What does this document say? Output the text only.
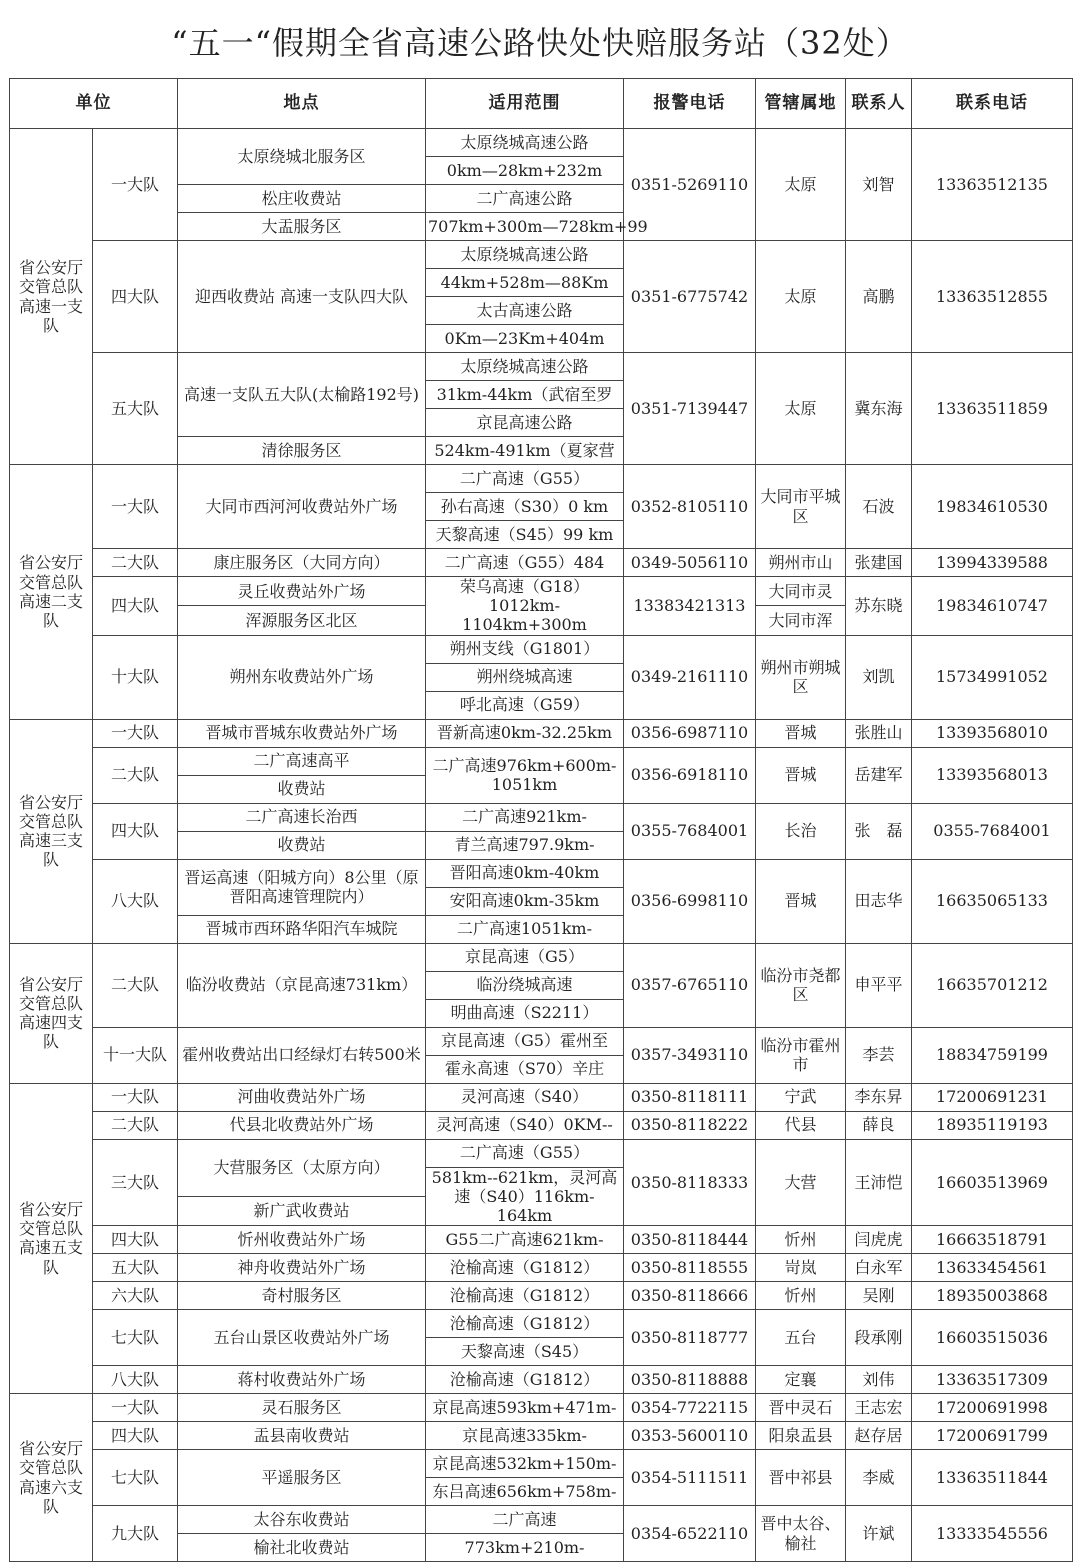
“五一“假期全省高速公路快处快赔服务站（32处）
单位		地点	适用范围	报警电话	管辖属地	联系人	联系电话
省公安厅交管总队高速一支队	一大队	太原绕城北服务区	太原绕城高速公路	0351-5269110	太原	刘智	13363512135
			0km—28km+232m				
		松庄收费站	二广高速公路				
		大盂服务区	707km+300m—728km+99				
	四大队	迎西收费站 高速一支队四大队	太原绕城高速公路	0351-6775742	太原	高鹏	13363512855
			44km+528m—88Km				
			太古高速公路				
			0Km—23Km+404m				
	五大队	高速一支队五大队(太榆路192号)	太原绕城高速公路	0351-7139447	太原	冀东海	13363511859
			31km-44km（武宿至罗				
			京昆高速公路				
		清徐服务区	524km-491km（夏家营				
省公安厅交管总队高速二支队	一大队	大同市西河河收费站外广场	二广高速（G55）	0352-8105110	大同市平城区	石波	19834610530
			孙右高速（S30）0 km				
			天黎高速（S45）99 km				
	二大队	康庄服务区（大同方向）	二广高速（G55）484	0349-5056110	朔州市山	张建国	13994339588
	四大队	灵丘收费站外广场	荣乌高速（G18）1012km-1104km+300m	13383421313	大同市灵	苏东晓	19834610747
		浑源服务区北区			大同市浑		
	十大队	朔州东收费站外广场	朔州支线（G1801）	0349-2161110	朔州市朔城区	刘凯	15734991052
			朔州绕城高速				
			呼北高速（G59）				
省公安厅交管总队高速三支队	一大队	晋城市晋城东收费站外广场	晋新高速0km-32.25km	0356-6987110	晋城	张胜山	13393568010
	二大队	二广高速高平	二广高速976km+600m-1051km	0356-6918110	晋城	岳建军	13393568013
		收费站					
	四大队	二广高速长治西	二广高速921km-	0355-7684001	长治	张　磊	0355-7684001
		收费站	青兰高速797.9km-				
	八大队	晋运高速（阳城方向）8公里（原晋阳高速管理院内）	晋阳高速0km-40km	0356-6998110	晋城	田志华	16635065133
			安阳高速0km-35km				
		晋城市西环路华阳汽车城院	二广高速1051km-				
省公安厅交管总队高速四支队	二大队	临汾收费站（京昆高速731km）	京昆高速（G5）	0357-6765110	临汾市尧都区	申平平	16635701212
			临汾绕城高速				
			明曲高速（S2211）				
	十一大队	霍州收费站出口经绿灯右转500米	京昆高速（G5）霍州至	0357-3493110	临汾市霍州市	李芸	18834759199
			霍永高速（S70）辛庄				
省公安厅交管总队高速五支队	一大队	河曲收费站外广场	灵河高速（S40）	0350-8118111	宁武	李东昇	17200691231
	二大队	代县北收费站外广场	灵河高速（S40）0KM--	0350-8118222	代县	薛良	18935119193
	三大队	大营服务区（太原方向）	二广高速（G55）	0350-8118333	大营	王沛恺	16603513969
			581km--621km，灵河高速（S40）116km-164km				
		新广武收费站					
	四大队	忻州收费站外广场	G55二广高速621km-	0350-8118444	忻州	闫虎虎	16663518791
	五大队	神舟收费站外广场	沧榆高速（G1812）	0350-8118555	岢岚	白永军	13633454561
	六大队	奇村服务区	沧榆高速（G1812）	0350-8118666	忻州	吴刚	18935003868
	七大队	五台山景区收费站外广场	沧榆高速（G1812）	0350-8118777	五台	段承刚	16603515036
			天黎高速（S45）				
	八大队	蒋村收费站外广场	沧榆高速（G1812）	0350-8118888	定襄	刘伟	13363517309
省公安厅交管总队高速六支队	一大队	灵石服务区	京昆高速593km+471m-	0354-7722115	晋中灵石	王志宏	17200691998
	四大队	盂县南收费站	京昆高速335km-	0353-5600110	阳泉盂县	赵存居	17200691799
	七大队	平遥服务区	京昆高速532km+150m-	0354-5111511	晋中祁县	李威	13363511844
			东吕高速656km+758m-				
	九大队	太谷东收费站	二广高速	0354-6522110	晋中太谷、榆社	许斌	13333545556
		榆社北收费站	773km+210m-				
